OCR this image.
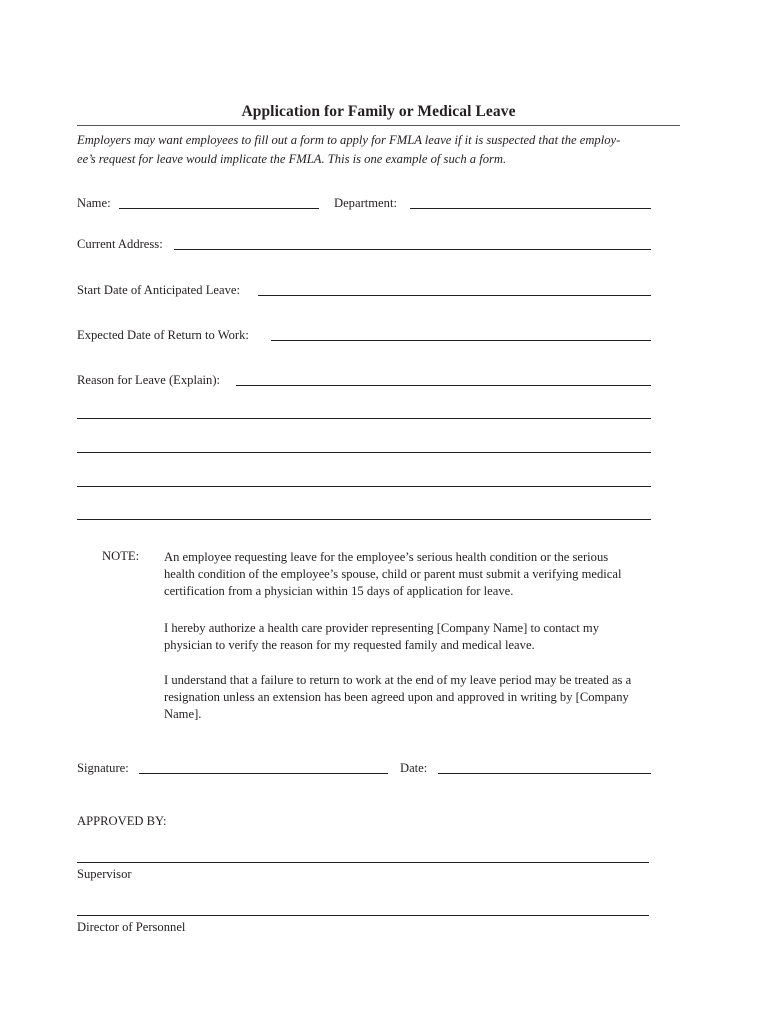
Application for Family or Medical Leave
Employers may want employees to fill out a form to apply for FMLA leave if it is suspected that the employ-
ee’s request for leave would implicate the FMLA. This is one example of such a form.
Name:	Department:
Current Address:
Start Date of Anticipated Leave:
Expected Date of Return to Work:
Reason for Leave (Explain):
NOTE: An employee requesting leave for the employee’s serious health condition or the serious
health condition of the employee’s spouse, child or parent must submit a verifying medical
certification from a physician within 15 days of application for leave.
I hereby authorize a health care provider representing [Company Name] to contact my
physician to verify the reason for my requested family and medical leave.
I understand that a failure to return to work at the end of my leave period may be treated as a
resignation unless an extension has been agreed upon and approved in writing by [Company
Name].
Signature:	Date:
APPROVED BY:
Supervisor
Director of Personnel
